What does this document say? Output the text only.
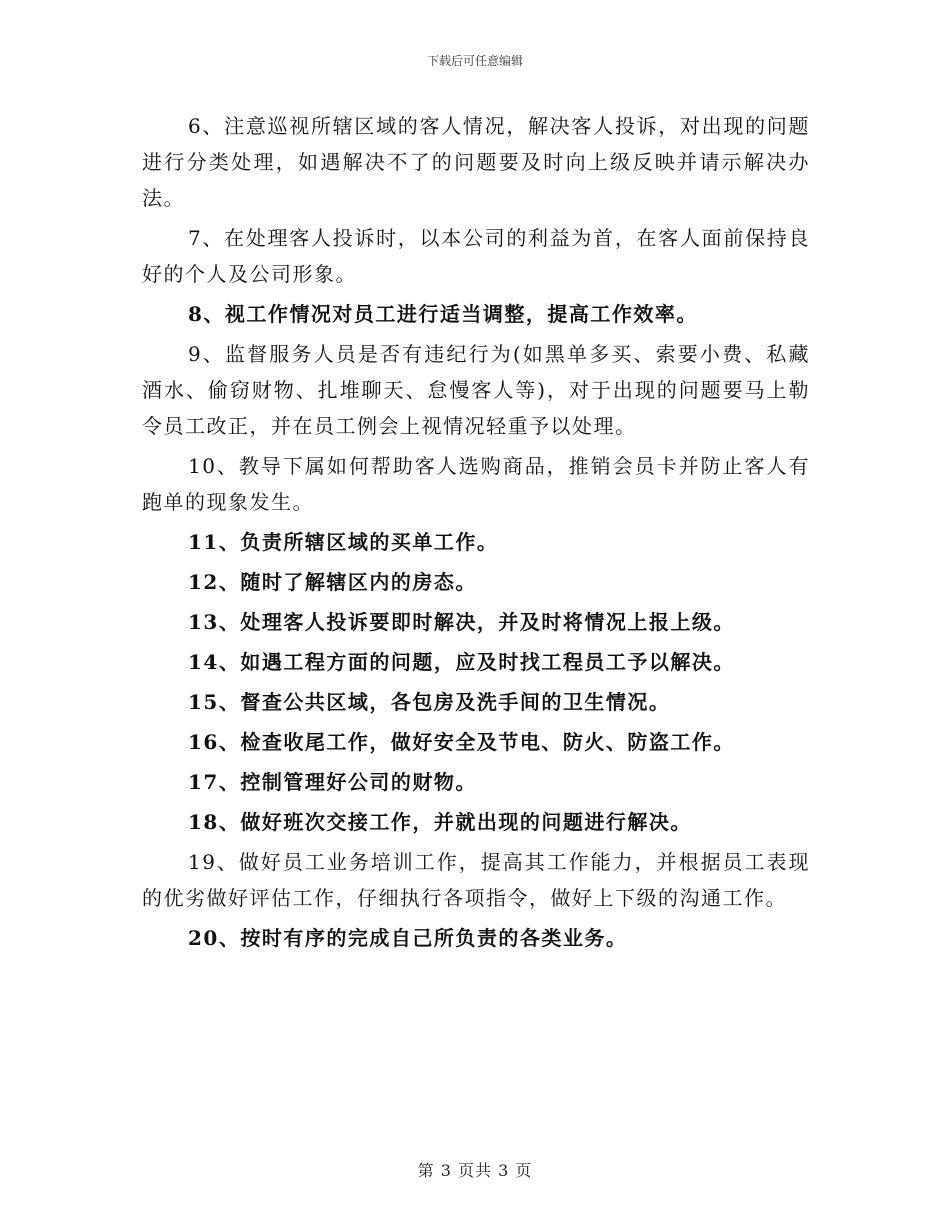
下载后可任意编辑

6、注意巡视所辖区域的客人情况，解决客人投诉，对出现的问题进行分类处理，如遇解决不了的问题要及时向上级反映并请示解决办法。

7、在处理客人投诉时，以本公司的利益为首，在客人面前保持良好的个人及公司形象。

8、视工作情况对员工进行适当调整，提高工作效率。

9、监督服务人员是否有违纪行为(如黑单多买、索要小费、私藏酒水、偷窃财物、扎堆聊天、怠慢客人等)，对于出现的问题要马上勒令员工改正，并在员工例会上视情况轻重予以处理。

10、教导下属如何帮助客人选购商品，推销会员卡并防止客人有跑单的现象发生。

11、负责所辖区域的买单工作。

12、随时了解辖区内的房态。

13、处理客人投诉要即时解决，并及时将情况上报上级。

14、如遇工程方面的问题，应及时找工程员工予以解决。

15、督查公共区域，各包房及洗手间的卫生情况。

16、检查收尾工作，做好安全及节电、防火、防盗工作。

17、控制管理好公司的财物。

18、做好班次交接工作，并就出现的问题进行解决。

19、做好员工业务培训工作，提高其工作能力，并根据员工表现的优劣做好评估工作，仔细执行各项指令，做好上下级的沟通工作。

20、按时有序的完成自己所负责的各类业务。

第 3 页共 3 页
